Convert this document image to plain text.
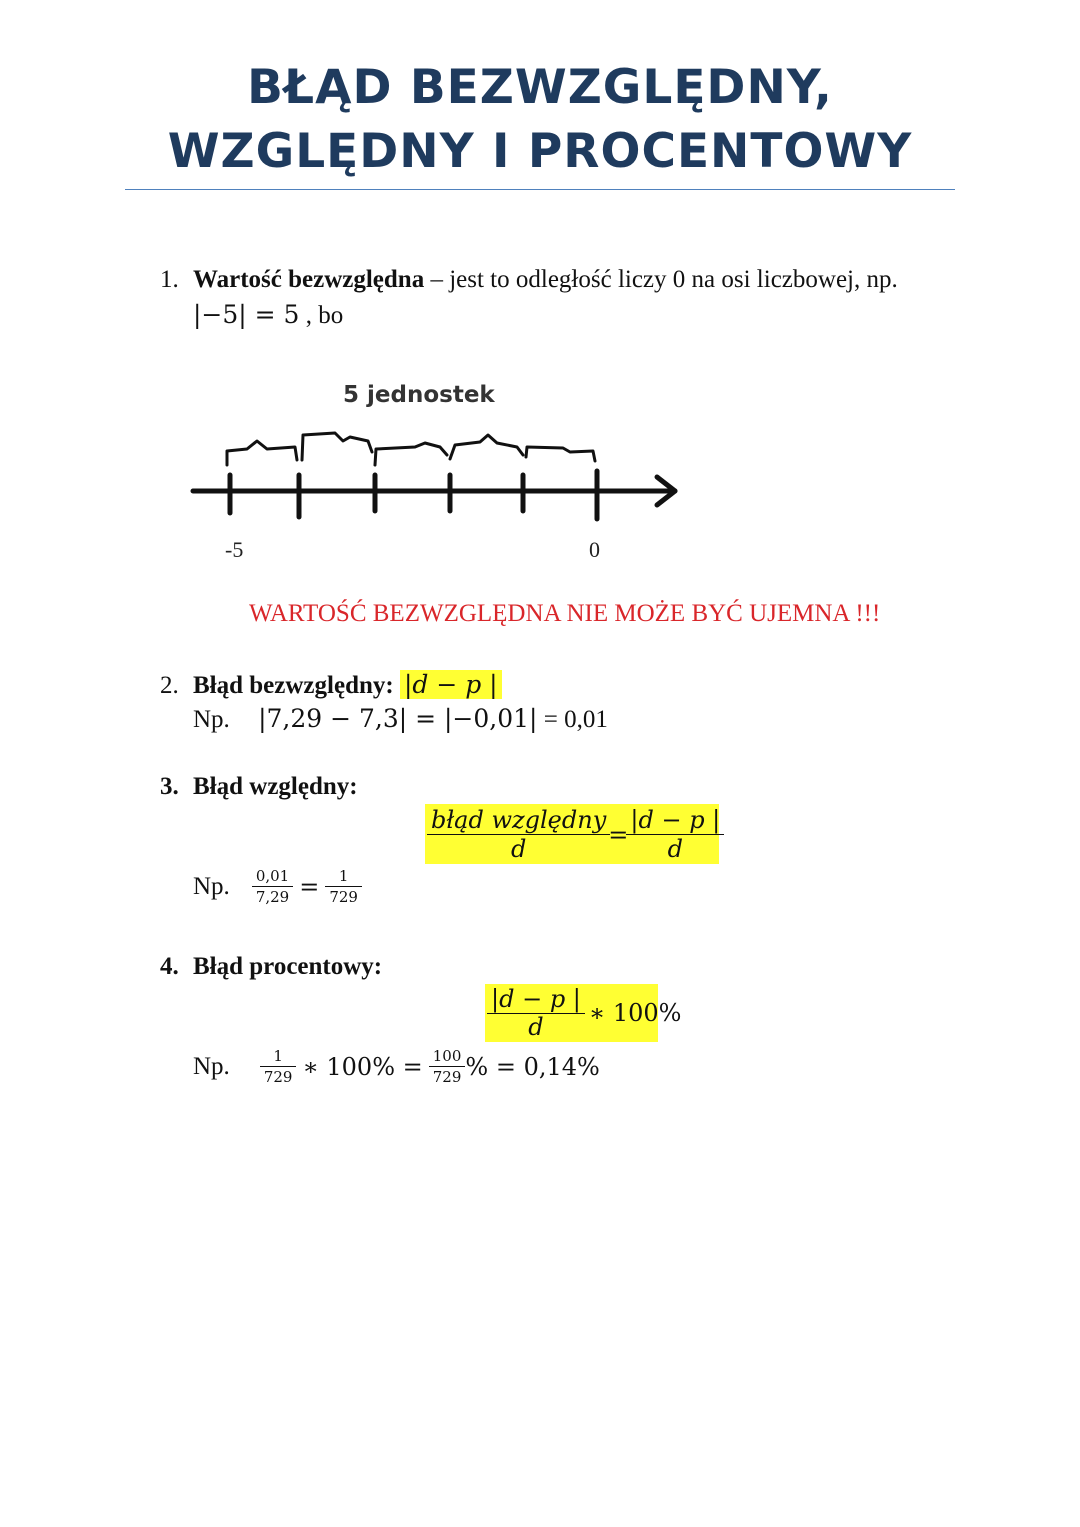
BŁĄD BEZWZGLĘDNY,
WZGLĘDNY I PROCENTOWY
1. Wartość bezwzględna – jest to odległość liczy 0 na osi liczbowej, np.
|−5| = 5 , bo
5 jednostek
-5	0
WARTOŚĆ BEZWZGLĘDNA NIE MOŻE BYĆ UJEMNA !!!
2. Błąd bezwzględny: |d − p |
Np. |7,29 − 7,3| = |−0,01| = 0,01
3. Błąd względny:
$\frac{\text{błąd względny}}{d} = \frac{|d - p |}{d}$
Np. $\frac{0,01}{7,29} = \frac{1}{729}$
4. Błąd procentowy:
$\frac{|d - p |}{d}$ ∗ 100%
Np. $\frac{1}{729}$ ∗ $100\% = \frac{100}{729}$ % = 0,14%
